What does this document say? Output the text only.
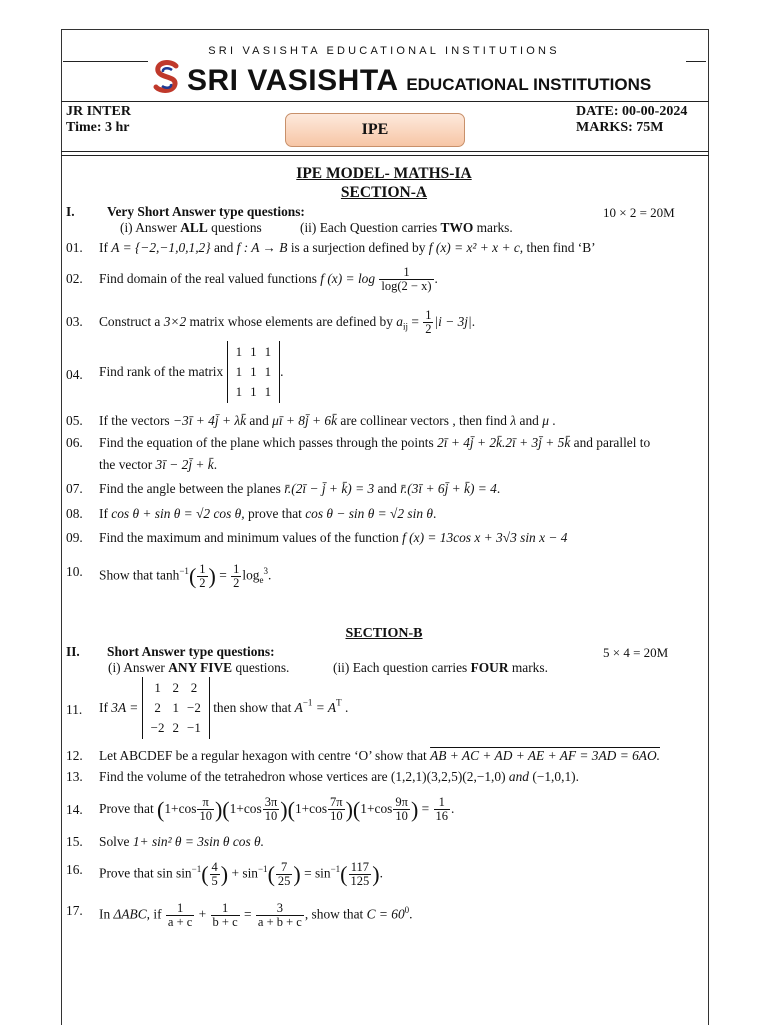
SRI VASISHTA EDUCATIONAL INSTITUTIONS
SRI VASISHTA EDUCATIONAL INSTITUTIONS
JR INTER
Time: 3 hr	IPE
DATE: 00-00-2024
MARKS: 75M
IPE MODEL- MATHS-IA
SECTION-A
I. Very Short Answer type questions:	10 × 2 = 20M
(i) Answer ALL questions	(ii) Each Question carries TWO marks.
01. If A = {−2,−1,0,1,2} and f : A → B is a surjection defined by f (x) = x² + x + c, then find ‘B’
02. Find domain of the real valued functions f $(x) = \log \frac{1}{\log(2 - x)}$ .
03. Construct a 3×2 matrix whose elements are defined by $a_{ij} = \frac{1}{2} |i - 3j|$.
04. Find rank of the matrix
1	1	1
1	1	1
1	1	1
.
05. If the vectors −3ī + 4j̄ + λk̄ and μī + 8j̄ + 6k̄ are collinear vectors , then find λ and μ .
06. Find the equation of the plane which passes through the points 2ī + 4j̄ + 2k̄.2ī + 3j̄ + 5k̄ and parallel to
the vector 3ī − 2j̄ + k̄.
07. Find the angle between the planes r̄.(2ī − j̄ + k̄) = 3 and r̄.(3ī + 6j̄ + k̄) = 4.
08. If cos θ + sin θ = √2 cos θ, prove that cos θ − sin θ = √2 sin θ.
09. Find the maximum and minimum values of the function f (x) = 13cos x + 3√3 sin x − 4
10. Show that $\tanh^{-1}( \frac{1}{2}$ ) = $\frac{1}{2} \log_e^3$.
SECTION-B
II. Short Answer type questions:	5 × 4 = 20M
(i) Answer ANY FIVE questions.	(ii) Each question carries FOUR marks.
11. If 3A =
1	2	2
2	1	−2
−2	2	−1
then show that $A^{-1} = A^T$ .
12. Let ABCDEF be a regular hexagon with centre ‘O’ show that AB + AC + AD + AE + AF = 3AD = 6AO.
13. Find the volume of the tetrahedron whose vertices are (1,2,1)(3,2,5)(2,−1,0) and (−1,0,1).
14. Prove that $(1+\cos \frac{\pi}{10} )(1+\cos \frac{3\pi}{10} )(1+\cos \frac{7\pi}{10} )(1+\cos \frac{9\pi}{10}$ ) = $\frac{1}{16}$ .
15. Solve 1+ sin² θ = 3sin θ cos θ.
16. Prove that $\sin \sin^{-1}( \frac{4}{5}$ ) + $\sin^{-1}( \frac{7}{25}$ ) = $\sin^{-1}( \frac{117}{125}$ ).
17. In ΔABC, if $\frac{1}{a + c} + \frac{1}{b + c} = \frac{3}{a + b + c}$ , show that $C = 60^0$.
